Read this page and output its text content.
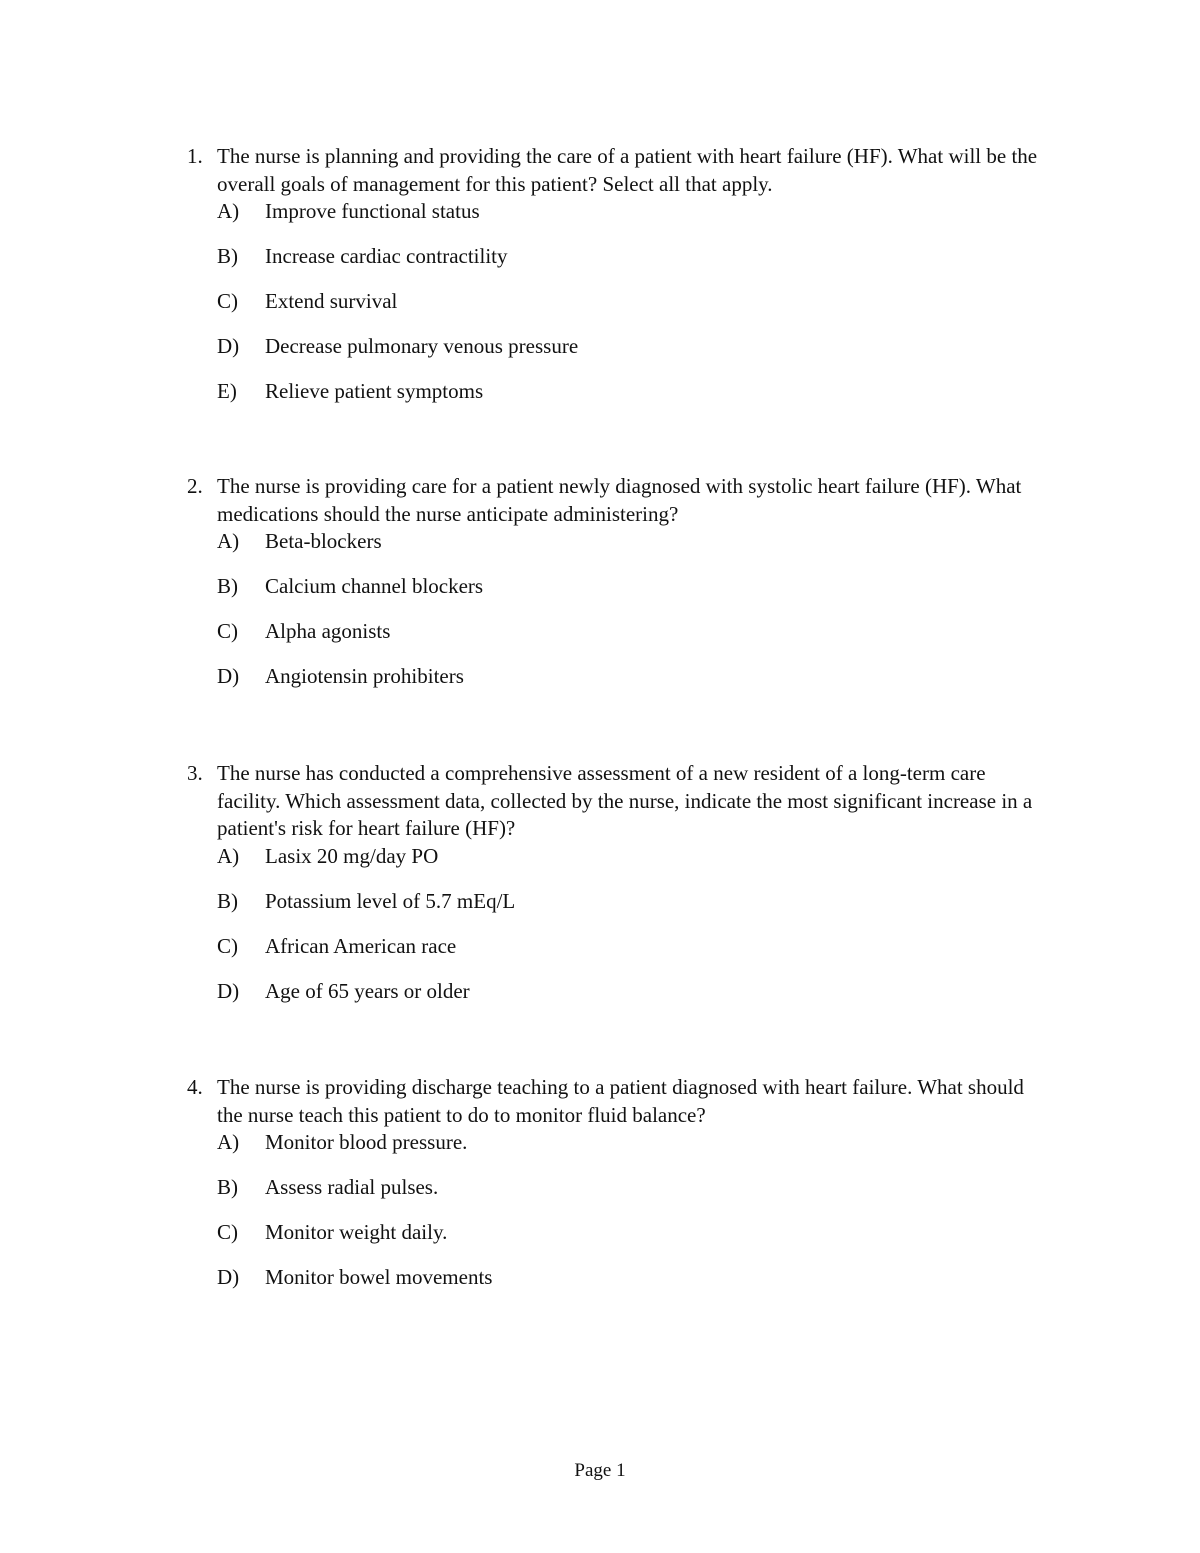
1. The nurse is planning and providing the care of a patient with heart failure (HF). What will be the overall goals of management for this patient? Select all that apply.
A) Improve functional status
B) Increase cardiac contractility
C) Extend survival
D) Decrease pulmonary venous pressure
E) Relieve patient symptoms
2. The nurse is providing care for a patient newly diagnosed with systolic heart failure (HF). What medications should the nurse anticipate administering?
A) Beta-blockers
B) Calcium channel blockers
C) Alpha agonists
D) Angiotensin prohibiters
3. The nurse has conducted a comprehensive assessment of a new resident of a long-term care facility. Which assessment data, collected by the nurse, indicate the most significant increase in a patient's risk for heart failure (HF)?
A) Lasix 20 mg/day PO
B) Potassium level of 5.7 mEq/L
C) African American race
D) Age of 65 years or older
4. The nurse is providing discharge teaching to a patient diagnosed with heart failure. What should the nurse teach this patient to do to monitor fluid balance?
A) Monitor blood pressure.
B) Assess radial pulses.
C) Monitor weight daily.
D) Monitor bowel movements
Page 1
